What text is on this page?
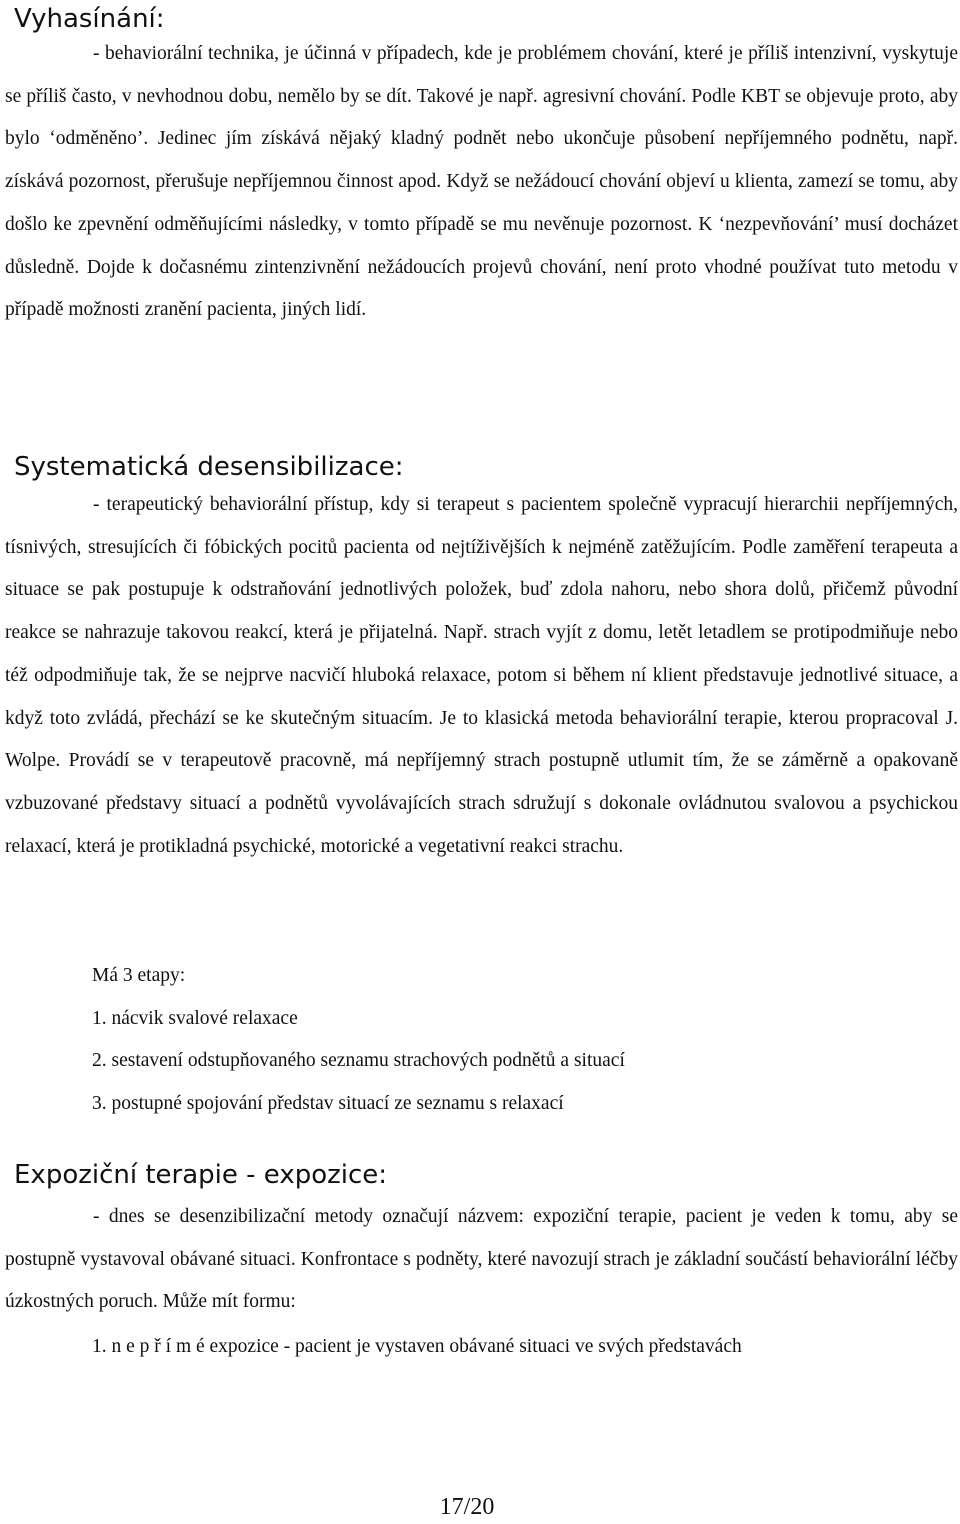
Vyhasínání:

- behaviorální technika, je účinná v případech, kde je problémem chování, které je příliš intenzivní, vyskytuje se příliš často, v nevhodnou dobu, nemělo by se dít. Takové je např. agresivní chování. Podle KBT se objevuje proto, aby bylo ‘odměněno’. Jedinec jím získává nějaký kladný podnět nebo ukončuje působení nepříjemného podnětu, např. získává pozornost, přerušuje nepříjemnou činnost apod. Když se nežádoucí chování objeví u klienta, zamezí se tomu, aby došlo ke zpevnění odměňujícími následky, v tomto případě se mu nevěnuje pozornost. K ‘nezpevňování’ musí docházet důsledně. Dojde k dočasnému zintenzivnění nežádoucích projevů chování, není proto vhodné používat tuto metodu v případě možnosti zranění pacienta, jiných lidí.

Systematická desensibilizace:

- terapeutický behaviorální přístup, kdy si terapeut s pacientem společně vypracují hierarchii nepříjemných, tísnivých, stresujících či fóbických pocitů pacienta od nejtíživějších k nejméně zatěžujícím. Podle zaměření terapeuta a situace se pak postupuje k odstraňování jednotlivých položek, buď zdola nahoru, nebo shora dolů, přičemž původní reakce se nahrazuje takovou reakcí, která je přijatelná. Např. strach vyjít z domu, letět letadlem se protipodmiňuje nebo též odpodmiňuje tak, že se nejprve nacvičí hluboká relaxace, potom si během ní klient představuje jednotlivé situace, a když toto zvládá, přechází se ke skutečným situacím. Je to klasická metoda behaviorální terapie, kterou propracoval J. Wolpe. Provádí se v terapeutově pracovně, má nepříjemný strach postupně utlumit tím, že se záměrně a opakovaně vzbuzované představy situací a podnětů vyvolávajících strach sdružují s dokonale ovládnutou svalovou a psychickou relaxací, která je protikladná psychické, motorické a vegetativní reakci strachu.

Má 3 etapy:

1. nácvik svalové relaxace
2. sestavení odstupňovaného seznamu strachových podnětů a situací
3. postupné spojování představ situací ze seznamu s relaxací
Expoziční terapie - expozice:

- dnes se desenzibilizační metody označují názvem: expoziční terapie, pacient je veden k tomu, aby se postupně vystavoval obávané situaci. Konfrontace s podněty, které navozují strach je základní součástí behaviorální léčby úzkostných poruch. Může mít formu:

1. n e p ř í m é expozice - pacient je vystaven obávané situaci ve svých představách
17/20
